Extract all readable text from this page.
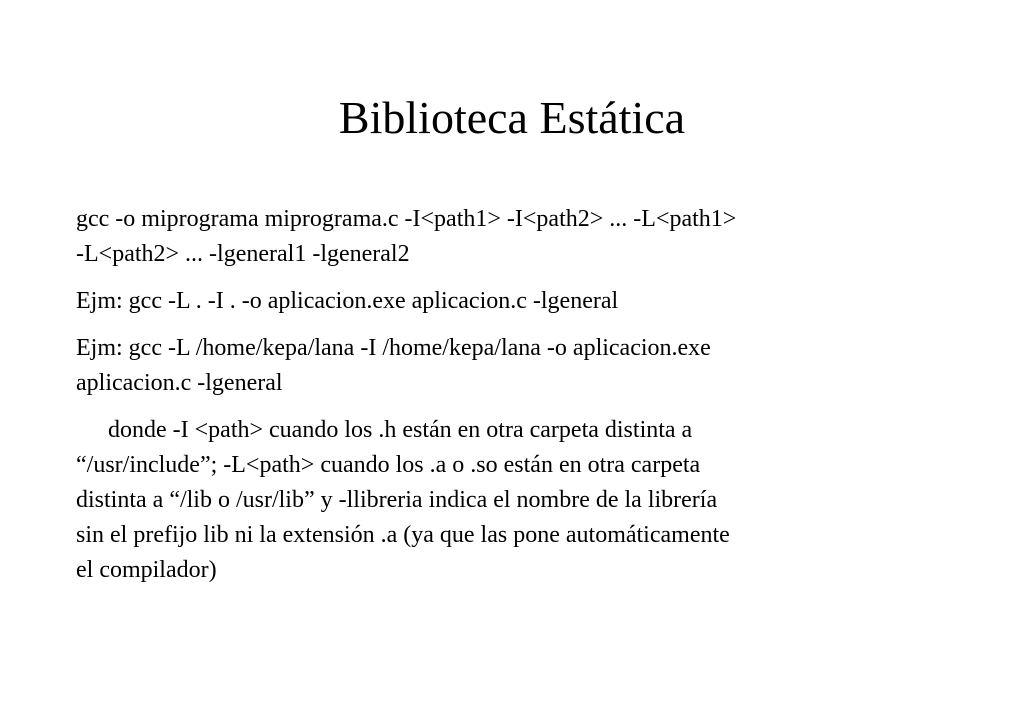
Biblioteca Estática
gcc -o miprograma miprograma.c -I<path1> -I<path2> ... -L<path1>
-L<path2> ... -lgeneral1 -lgeneral2
Ejm: gcc -L . -I . -o aplicacion.exe aplicacion.c -lgeneral
Ejm: gcc -L /home/kepa/lana -I /home/kepa/lana -o aplicacion.exe
aplicacion.c -lgeneral
donde -I <path> cuando los .h están en otra carpeta distinta a
“/usr/include”; -L<path> cuando los .a o .so están en otra carpeta
distinta a “/lib o /usr/lib” y -llibreria indica el nombre de la librería
sin el prefijo lib ni la extensión .a (ya que las pone automáticamente
el compilador)
